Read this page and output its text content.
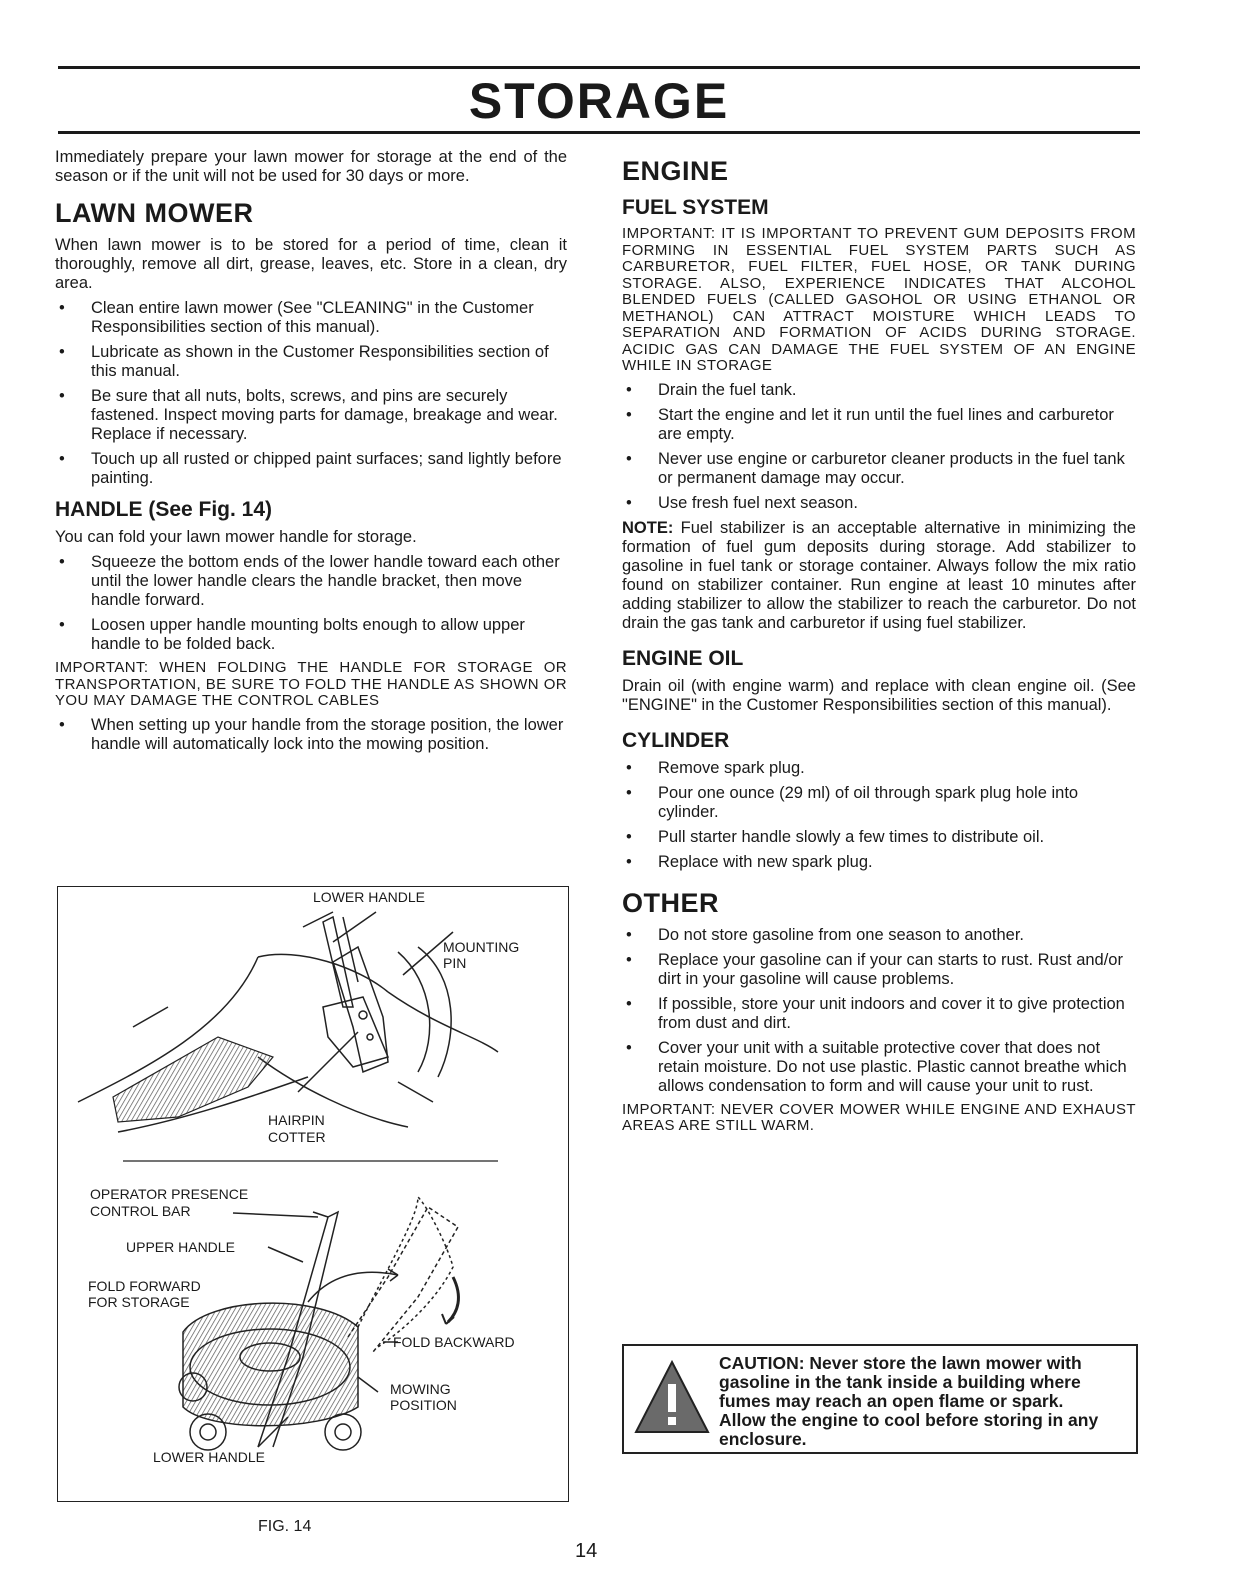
STORAGE

Immediately prepare your lawn mower for storage at the end of the season or if the unit will not be used for 30 days or more.

LAWN MOWER

When lawn mower is to be stored for a period of time, clean it thoroughly, remove all dirt, grease, leaves, etc. Store in a clean, dry area.

• Clean entire lawn mower (See "CLEANING" in the Customer Responsibilities section of this manual).
• Lubricate as shown in the Customer Responsibilities section of this manual.
• Be sure that all nuts, bolts, screws, and pins are securely fastened. Inspect moving parts for damage, breakage and wear. Replace if necessary.
• Touch up all rusted or chipped paint surfaces; sand lightly before painting.
HANDLE (See Fig. 14)

You can fold your lawn mower handle for storage.

• Squeeze the bottom ends of the lower handle toward each other until the lower handle clears the handle bracket, then move handle forward.
• Loosen upper handle mounting bolts enough to allow upper handle to be folded back.

IMPORTANT: WHEN FOLDING THE HANDLE FOR STORAGE OR TRANSPORTATION, BE SURE TO FOLD THE HANDLE AS SHOWN OR YOU MAY DAMAGE THE CONTROL CABLES

• When setting up your handle from the storage position, the lower handle will automatically lock into the mowing position.
LOWER HANDLE
MOUNTING
PIN
HAIRPIN
COTTER
OPERATOR PRESENCE
CONTROL BAR
UPPER HANDLE
FOLD FORWARD
FOR STORAGE
FOLD BACKWARD
MOWING
POSITION
LOWER HANDLE
FIG. 14
ENGINE
FUEL SYSTEM

IMPORTANT: IT IS IMPORTANT TO PREVENT GUM DEPOSITS FROM FORMING IN ESSENTIAL FUEL SYSTEM PARTS SUCH AS CARBURETOR, FUEL FILTER, FUEL HOSE, OR TANK DURING STORAGE. ALSO, EXPERIENCE INDICATES THAT ALCOHOL BLENDED FUELS (CALLED GASOHOL OR USING ETHANOL OR METHANOL) CAN ATTRACT MOISTURE WHICH LEADS TO SEPARATION AND FORMATION OF ACIDS DURING STORAGE. ACIDIC GAS CAN DAMAGE THE FUEL SYSTEM OF AN ENGINE WHILE IN STORAGE

• Drain the fuel tank.
• Start the engine and let it run until the fuel lines and carburetor are empty.
• Never use engine or carburetor cleaner products in the fuel tank or permanent damage may occur.
• Use fresh fuel next season.

NOTE: Fuel stabilizer is an acceptable alternative in minimizing the formation of fuel gum deposits during storage. Add stabilizer to gasoline in fuel tank or storage container. Always follow the mix ratio found on stabilizer container. Run engine at least 10 minutes after adding stabilizer to allow the stabilizer to reach the carburetor. Do not drain the gas tank and carburetor if using fuel stabilizer.

ENGINE OIL

Drain oil (with engine warm) and replace with clean engine oil. (See "ENGINE" in the Customer Responsibilities section of this manual).

CYLINDER
• Remove spark plug.
• Pour one ounce (29 ml) of oil through spark plug hole into cylinder.
• Pull starter handle slowly a few times to distribute oil.
• Replace with new spark plug.
OTHER
• Do not store gasoline from one season to another.
• Replace your gasoline can if your can starts to rust. Rust and/or dirt in your gasoline will cause problems.
• If possible, store your unit indoors and cover it to give protection from dust and dirt.
• Cover your unit with a suitable protective cover that does not retain moisture. Do not use plastic. Plastic cannot breathe which allows condensation to form and will cause your unit to rust.

IMPORTANT: NEVER COVER MOWER WHILE ENGINE AND EXHAUST AREAS ARE STILL WARM.

CAUTION: Never store the lawn mower with gasoline in the tank inside a building where fumes may reach an open flame or spark. Allow the engine to cool before storing in any enclosure.
14
